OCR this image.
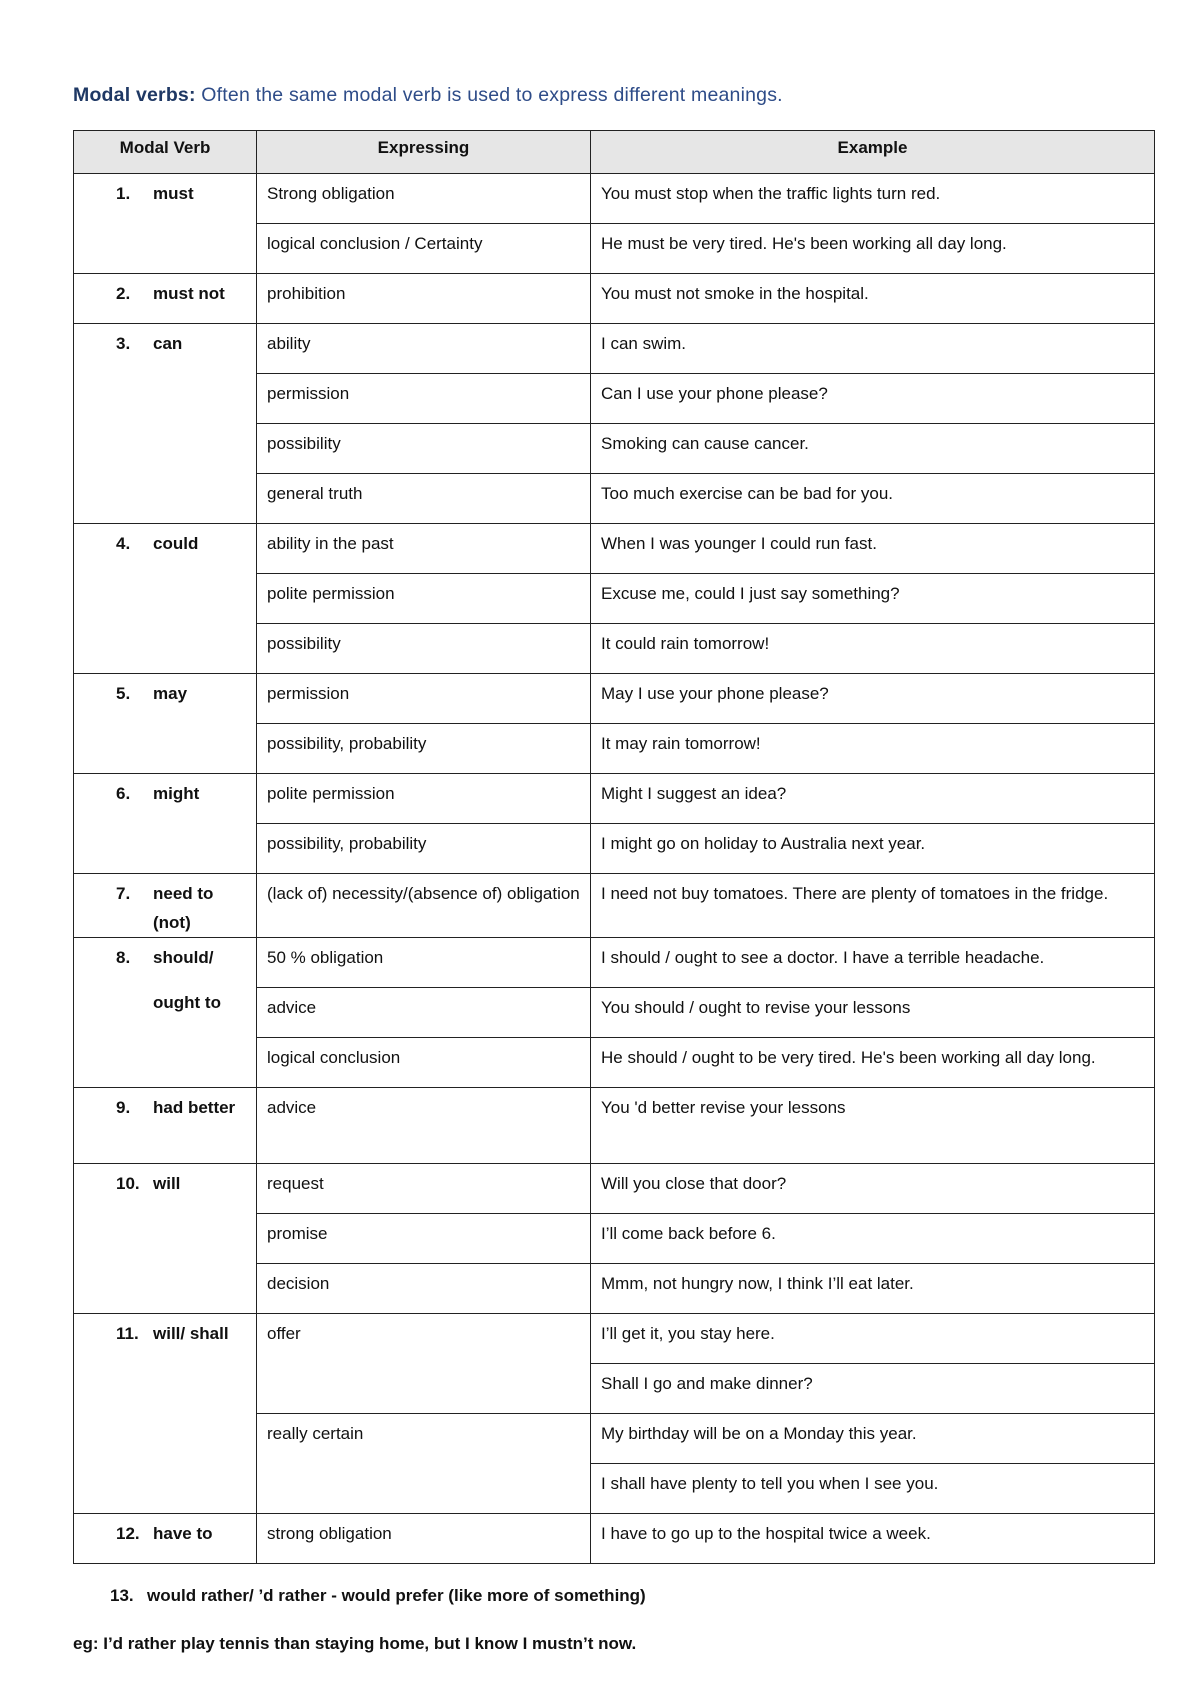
Modal verbs: Often the same modal verb is used to express different meanings.
Modal Verb	Expressing	Example

1. must	Strong obligation	You must stop when the traffic lights turn red.
	logical conclusion / Certainty	He must be very tired. He's been working all day long.

2. must not	prohibition	You must not smoke in the hospital.

3. can	ability	I can swim.
	permission	Can I use your phone please?
	possibility	Smoking can cause cancer.
	general truth	Too much exercise can be bad for you.

4. could	ability in the past	When I was younger I could run fast.
	polite permission	Excuse me, could I just say something?
	possibility	It could rain tomorrow!

5. may	permission	May I use your phone please?
	possibility, probability	It may rain tomorrow!

6. might	polite permission	Might I suggest an idea?
	possibility, probability	I might go on holiday to Australia next year.

7. need to (not)	(lack of) necessity/(absence of) obligation	I need not buy tomatoes. There are plenty of tomatoes in the fridge.

8. should/
ought to	50 % obligation	I should / ought to see a doctor. I have a terrible headache.
	advice	You should / ought to revise your lessons
	logical conclusion	He should / ought to be very tired. He's been working all day long.

9. had better	advice	You 'd better revise your lessons

10. will	request	Will you close that door?
	promise	I’ll come back before 6.
	decision	Mmm, not hungry now, I think I’ll eat later.

11. will/ shall	offer	I’ll get it, you stay here.
		Shall I go and make dinner?
	really certain	My birthday will be on a Monday this year.
		I shall have plenty to tell you when I see you.

12. have to	strong obligation	I have to go up to the hospital twice a week.
13. would rather/ ’d rather - would prefer (like more of something)
eg: I’d rather play tennis than staying home, but I know I mustn’t now.
